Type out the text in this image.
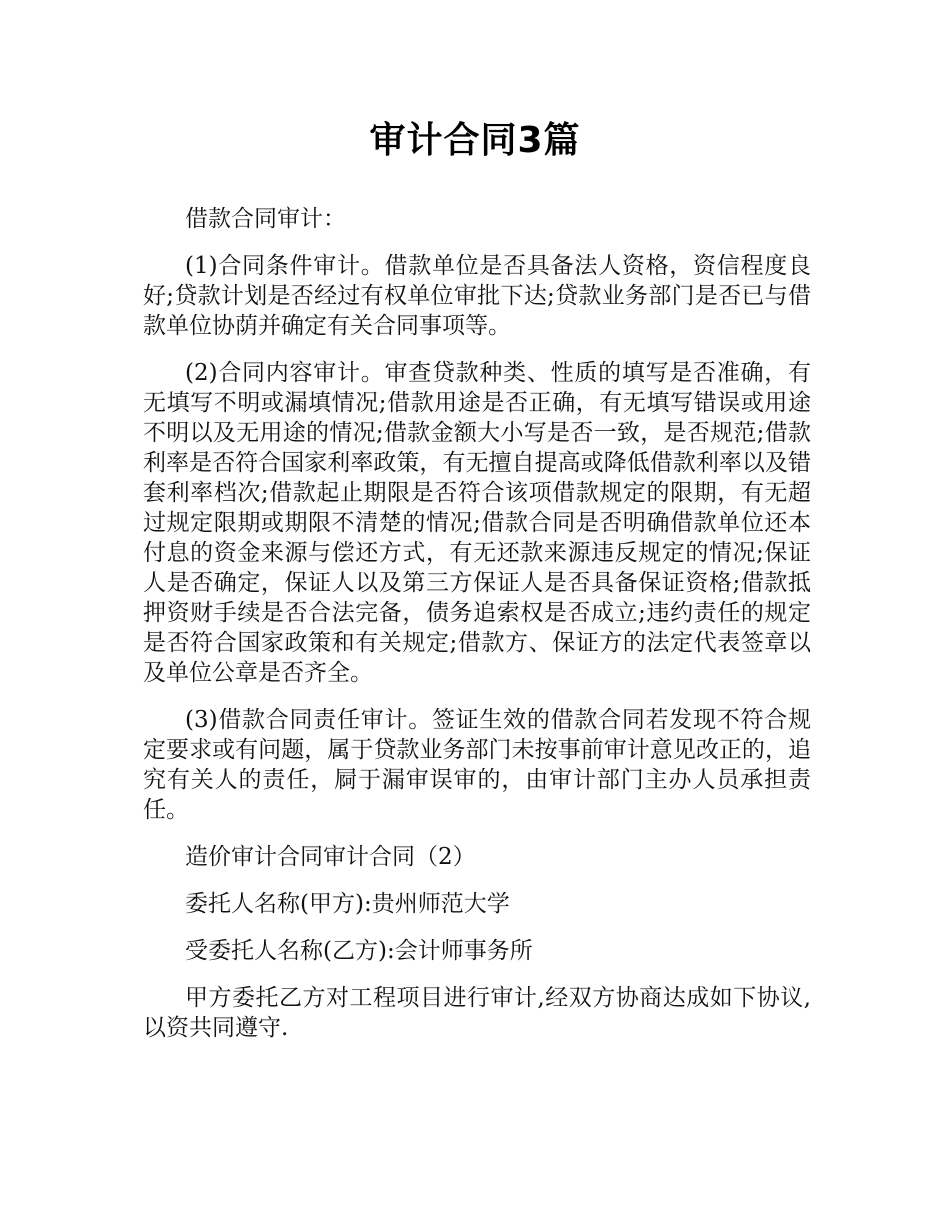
审计合同3篇

借款合同审计：

(1)合同条件审计。借款单位是否具备法人资格，资信程度良好;贷款计划是否经过有权单位审批下达;贷款业务部门是否已与借款单位协荫并确定有关合同事项等。

(2)合同内容审计。审查贷款种类、性质的填写是否准确，有无填写不明或漏填情况;借款用途是否正确，有无填写错误或用途不明以及无用途的情况;借款金额大小写是否一致，是否规范;借款利率是否符合国家利率政策，有无擅自提高或降低借款利率以及错套利率档次;借款起止期限是否符合该项借款规定的限期，有无超过规定限期或期限不清楚的情况;借款合同是否明确借款单位还本付息的资金来源与偿还方式，有无还款来源违反规定的情况;保证人是否确定，保证人以及第三方保证人是否具备保证资格;借款抵押资财手续是否合法完备，债务追索权是否成立;违约责任的规定是否符合国家政策和有关规定;借款方、保证方的法定代表签章以及单位公章是否齐全。

(3)借款合同责任审计。签证生效的借款合同若发现不符合规定要求或有问题，属于贷款业务部门未按事前审计意见改正的，追究有关人的责任，屙于漏审误审的，由审计部门主办人员承担责任。

造价审计合同审计合同（2）

委托人名称(甲方):贵州师范大学

受委托人名称(乙方):会计师事务所

甲方委托乙方对工程项目进行审计,经双方协商达成如下协议,以资共同遵守.
